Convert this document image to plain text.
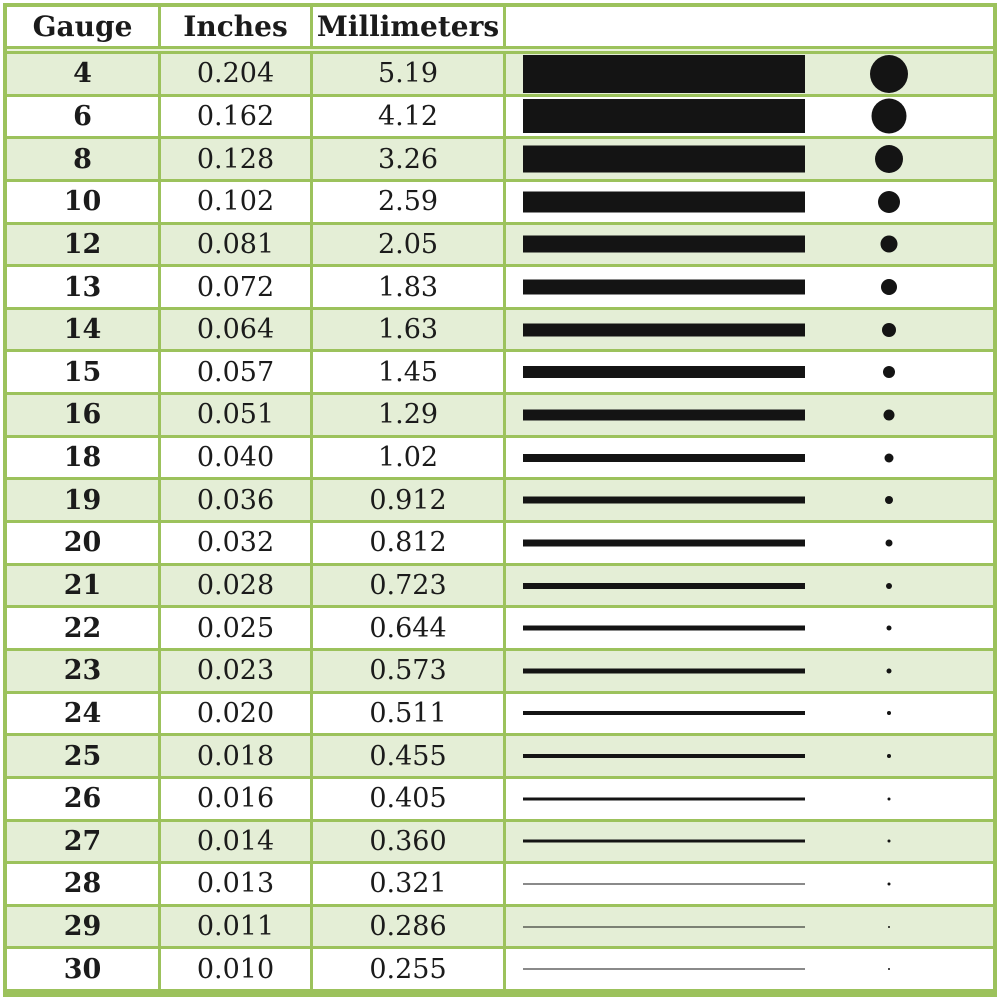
Gauge	Inches	Millimeters
4	0.204	5.19
6	0.162	4.12
8	0.128	3.26
10	0.102	2.59
12	0.081	2.05
13	0.072	1.83
14	0.064	1.63
15	0.057	1.45
16	0.051	1.29
18	0.040	1.02
19	0.036	0.912
20	0.032	0.812
21	0.028	0.723
22	0.025	0.644
23	0.023	0.573
24	0.020	0.511
25	0.018	0.455
26	0.016	0.405
27	0.014	0.360
28	0.013	0.321
29	0.011	0.286
30	0.010	0.255
